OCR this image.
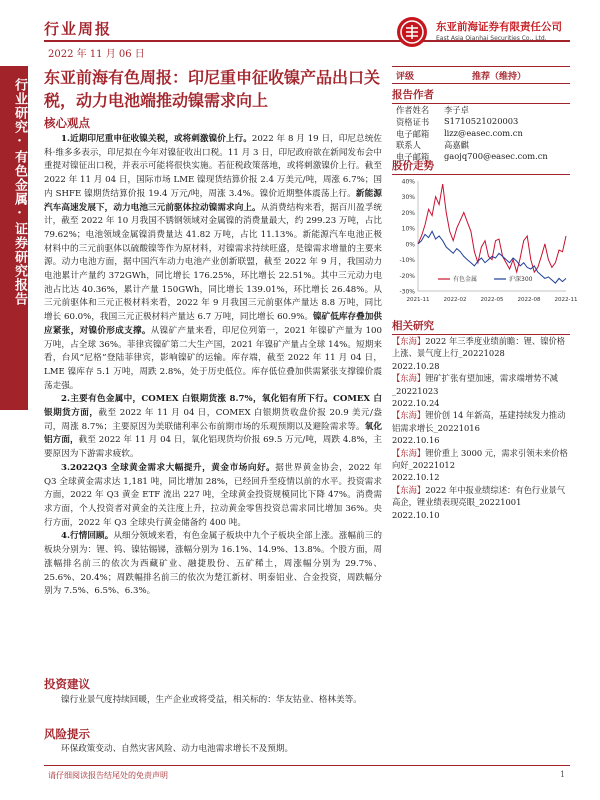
行业周报
2022 年 11 月 06 日
东亚前海证券有限责任公司
East Asia Qianhai Securities Co., Ltd.
行业研究·有色金属·证券研究报告
东亚前海有色周报：印尼重申征收镍产品出口关税，动力电池端推动镍需求向上
核心观点

1.近期印尼重申征收镍关税，或将刺激镍价上行。2022 年 8 月 19 日，印尼总统佐科·维多多表示，印尼拟在今年对镍征收出口税。11 月 3 日，印尼政府欲在新闻发布会中重提对镍征出口税，并表示可能将很快实施。若征税政策落地，或将刺激镍价上行。截至 2022 年 11 月 04 日，国际市场 LME 镍现货结算价报 2.4 万美元/吨，周涨 6.7%；国内 SHFE 镍期货结算价报 19.4 万元/吨，周涨 3.4%。镍价近期整体震荡上行。新能源汽车高速发展下，动力电池三元前驱体拉动镍需求向上。从消费结构来看，据百川盈孚统计，截至 2022 年 10 月我国不锈钢领域对金属镍的消费量最大，约 299.23 万吨，占比 79.62%；电池领域金属镍消费量达 41.82 万吨，占比 11.13%。新能源汽车电池正极材料中的三元前驱体以硫酸镍等作为原材料，对镍需求持续旺盛，是镍需求增量的主要来源。动力电池方面，据中国汽车动力电池产业创新联盟，截至 2022 年 9 月，我国动力电池累计产量约 372GWh，同比增长 176.25%，环比增长 22.51%。其中三元动力电池占比达 40.36%，累计产量 150GWh，同比增长 139.01%，环比增长 26.48%。从三元前驱体和三元正极材料来看，2022 年 9 月我国三元前驱体产量达 8.8 万吨，同比增长 60.0%，我国三元正极材料产量达 6.7 万吨，同比增长 60.9%。镍矿低库存叠加供应紧张，对镍价形成支撑。从镍矿产量来看，印尼位列第一，2021 年镍矿产量为 100 万吨，占全球 36%。菲律宾镍矿第二大生产国，2021 年镍矿产量占全球 14%。短期来看，台风“尼格”登陆菲律宾，影响镍矿的运输。库存端，截至 2022 年 11 月 04 日，LME 镍库存 5.1 万吨，周跌 2.8%，处于历史低位。库存低位叠加供需紧张支撑镍价震荡走强。

2.主要有色金属中，COMEX 白银期货涨 8.7%，氧化铝有所下行。COMEX 白银期货方面，截至 2022 年 11 月 04 日，COMEX 白银期货收盘价报 20.9 美元/盎司，周涨 8.7%；主要原因为美联储利率公布前期市场的乐观预期以及避险需求等。氧化铝方面，截至 2022 年 11 月 04 日，氧化铝现货均价报 69.5 万元/吨，周跌 4.8%，主要原因为下游需求疲软。

3.2022Q3 全球黄金需求大幅提升，黄金市场向好。据世界黄金协会，2022 年 Q3 全球黄金需求达 1,181 吨，同比增加 28%，已经回升至疫情以前的水平。投资需求方面，2022 年 Q3 黄金 ETF 流出 227 吨，全球黄金投资规模同比下降 47%。消费需求方面，个人投资者对黄金的关注度上升，拉动黄金零售投资总需求同比增加 36%。央行方面，2022 年 Q3 全球央行黄金储备约 400 吨。

4.行情回顾。从细分领域来看，有色金属子板块中九个子板块全部上涨。涨幅前三的板块分别为：锂、钨、镍钴锡锑，涨幅分别为 16.1%、14.9%、13.8%。个股方面，周涨幅排名前三的依次为西藏矿业、融捷股份、五矿稀土，周涨幅分别为 29.7%、25.6%、20.4%；周跌幅排名前三的依次为楚江新材、明泰铝业、合金投资，周跌幅分别为 7.5%、6.5%、6.3%。

投资建议

镍行业景气度持续回暖，生产企业或将受益，相关标的：华友钴业、格林美等。

风险提示

环保政策变动、自然灾害风险、动力电池需求增长不及预期。

评级	推荐（维持）
报告作者
作者姓名 李子卓
资格证书 S1710521020003
电子邮箱 lizz@easec.com.cn
联系人	高嘉麒
电子邮箱 gaojq700@easec.com.cn
股价走势
40%
30%
20%
10%
0%
-10%
-20%
-30%
有色金属	沪深300
2021-11	2022-02	2022-05	2022-08	2022-11
相关研究
【东海】2022 年三季度业绩前瞻：锂、镍价格上涨、景气度上行_20221028
2022.10.28
【东海】锂矿扩张有望加速，需求端增势不减_20221023
2022.10.24
【东海】锂价创 14 年新高，基建持续发力推动铝需求增长_20221016
2022.10.16
【东海】锂价重上 3000 元，需求引领未来价格向好_20221012
2022.10.12
【东海】2022 年中报业绩综述：有色行业景气高企，锂业绩表现亮眼_20221001
2022.10.10
请仔细阅读报告结尾处的免责声明	1
